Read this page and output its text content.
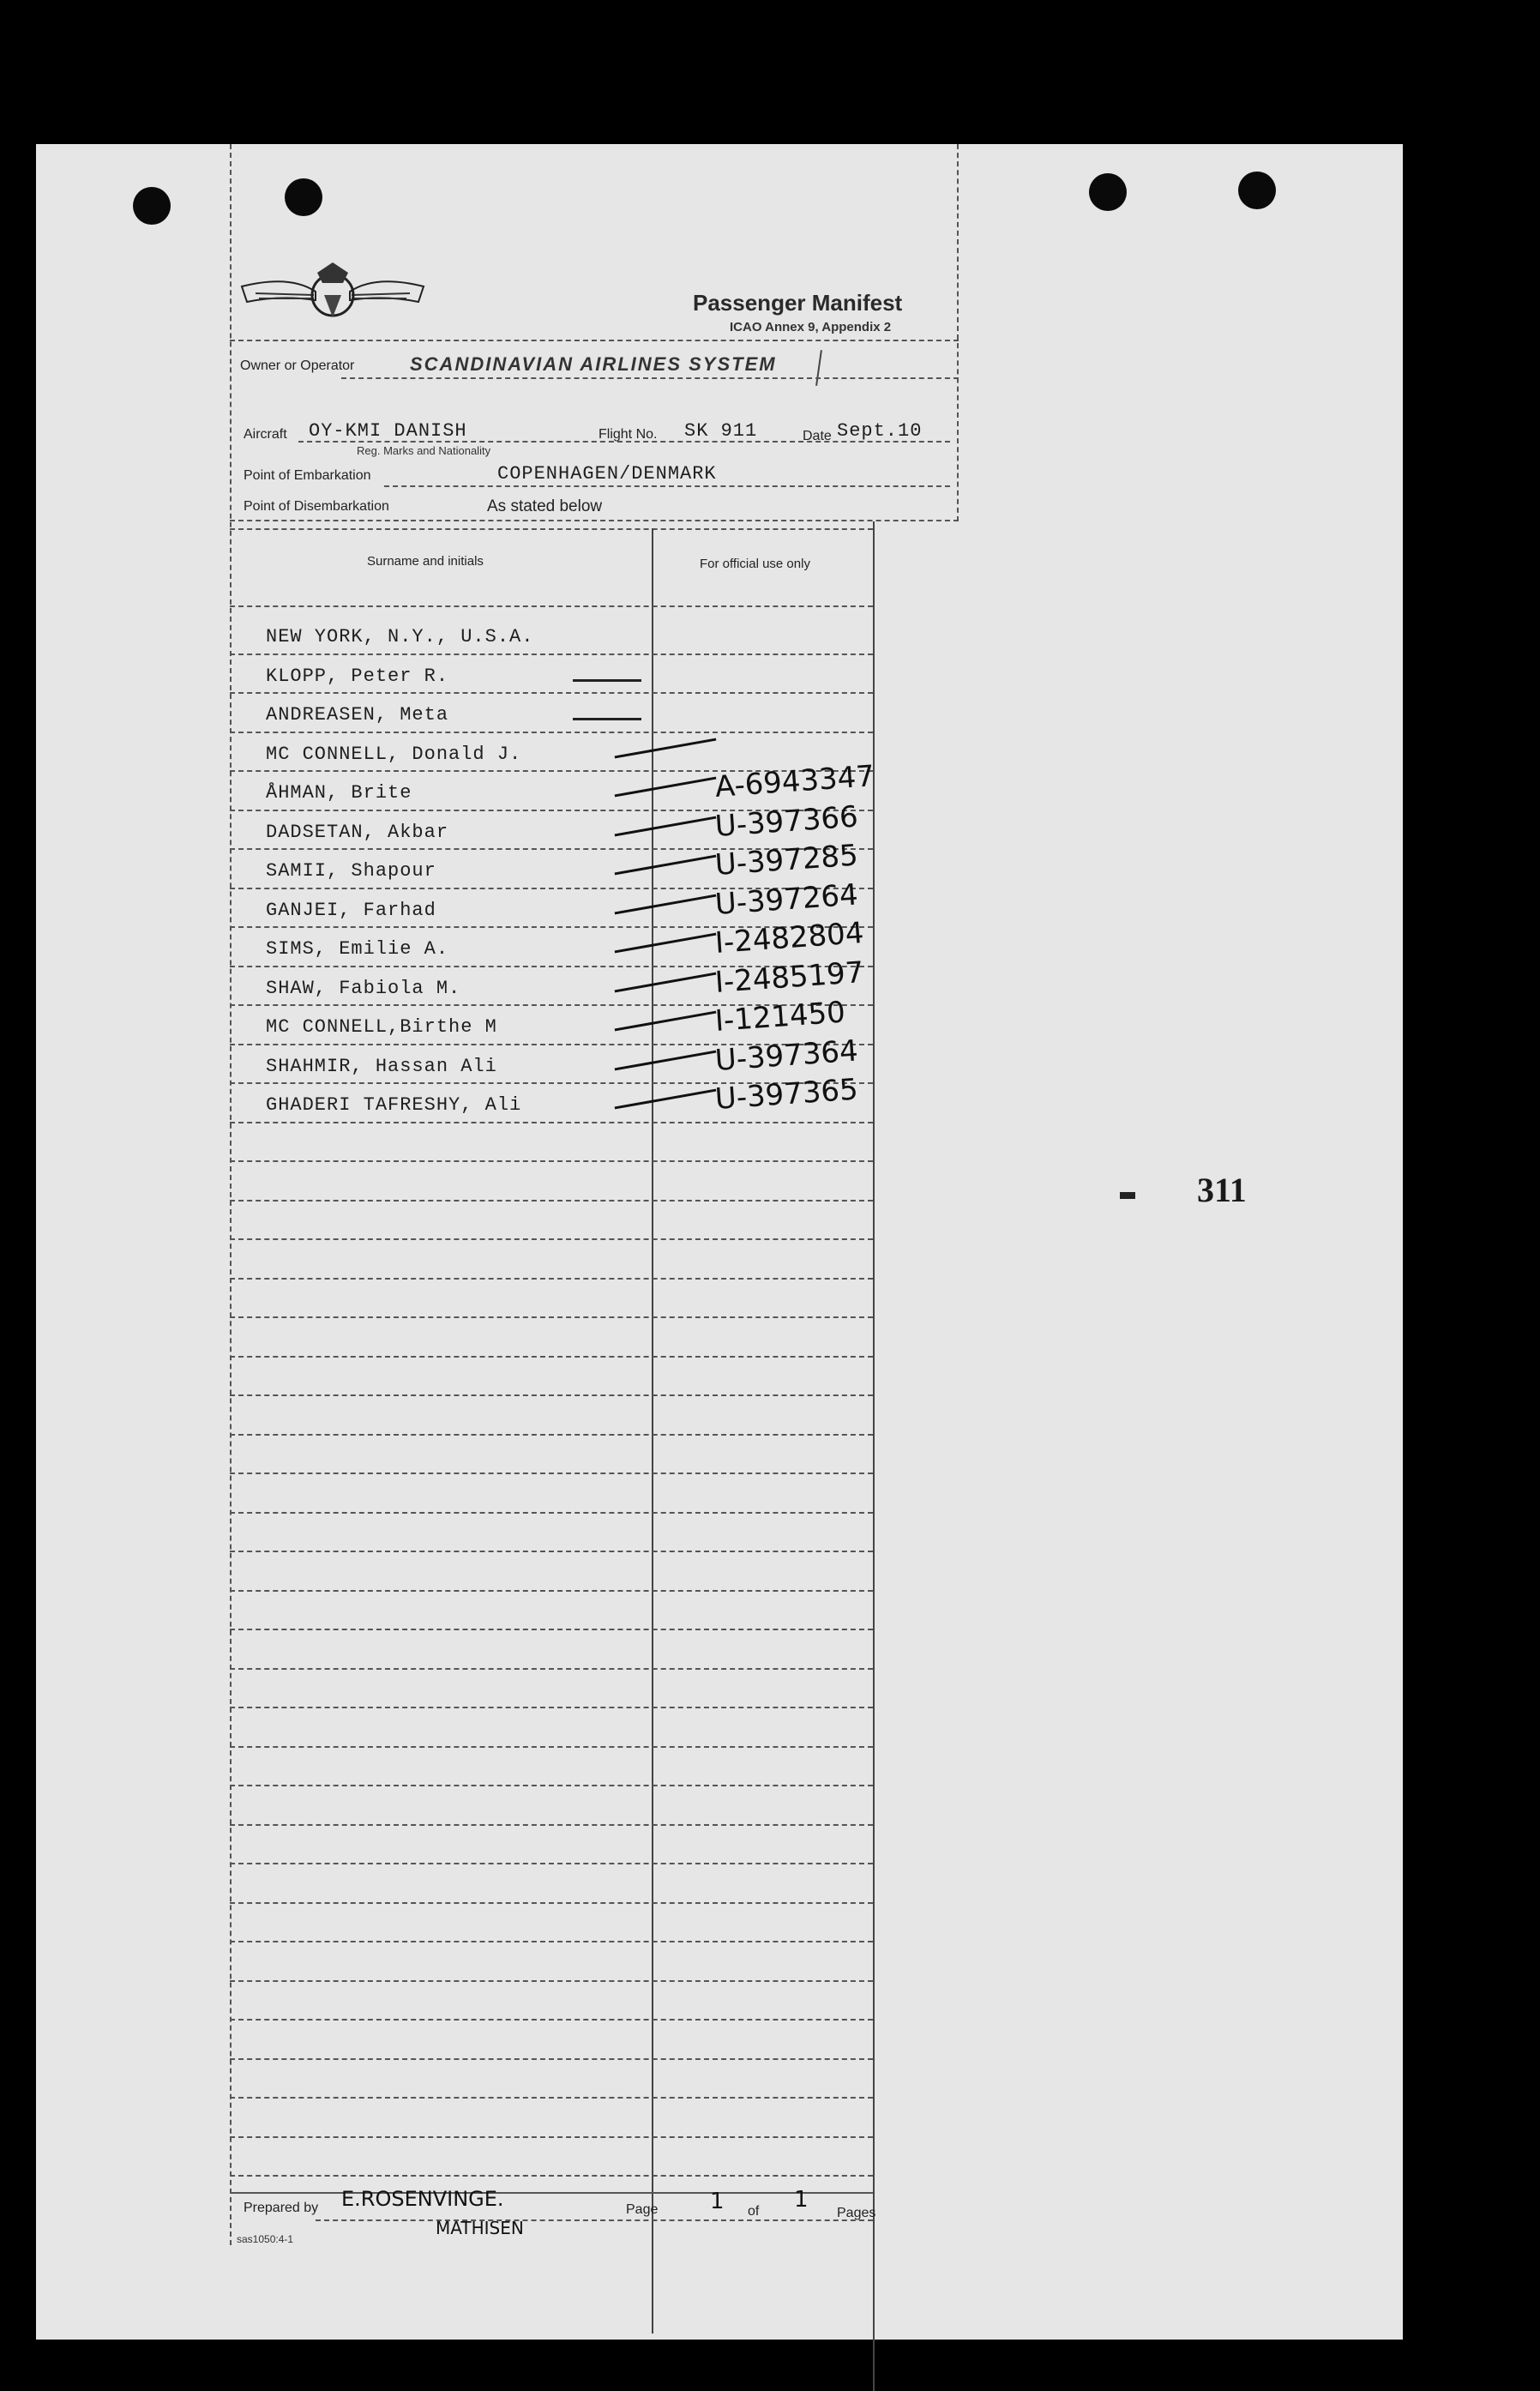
Passenger Manifest
ICAO Annex 9, Appendix 2
Owner or Operator	SCANDINAVIAN AIRLINES SYSTEM
Aircraft OY-KMI DANISH
Reg. Marks and Nationality
Flight No. SK 911	Date Sept.10
Point of Embarkation	COPENHAGEN/DENMARK
Point of Disembarkation	As stated below
Surname and initials	For official use only
NEW YORK, N.Y., U.S.A.
KLOPP, Peter R.
ANDREASEN, Meta
MC CONNELL, Donald J.
ÅHMAN, Brite	A-6943347
DADSETAN, Akbar	U-397366
SAMII, Shapour	U-397285
GANJEI, Farhad	U-397264
SIMS, Emilie A.	I-2482804
SHAW, Fabiola M.	I-2485197
MC CONNELL,Birthe M	I-121450
SHAHMIR, Hassan Ali	U-397364
GHADERI TAFRESHY, Ali	U-397365
Prepared by E.ROSENVINGE.
MATHISEN
Page 1 of 1
Pages
sas1050:4-1
311
